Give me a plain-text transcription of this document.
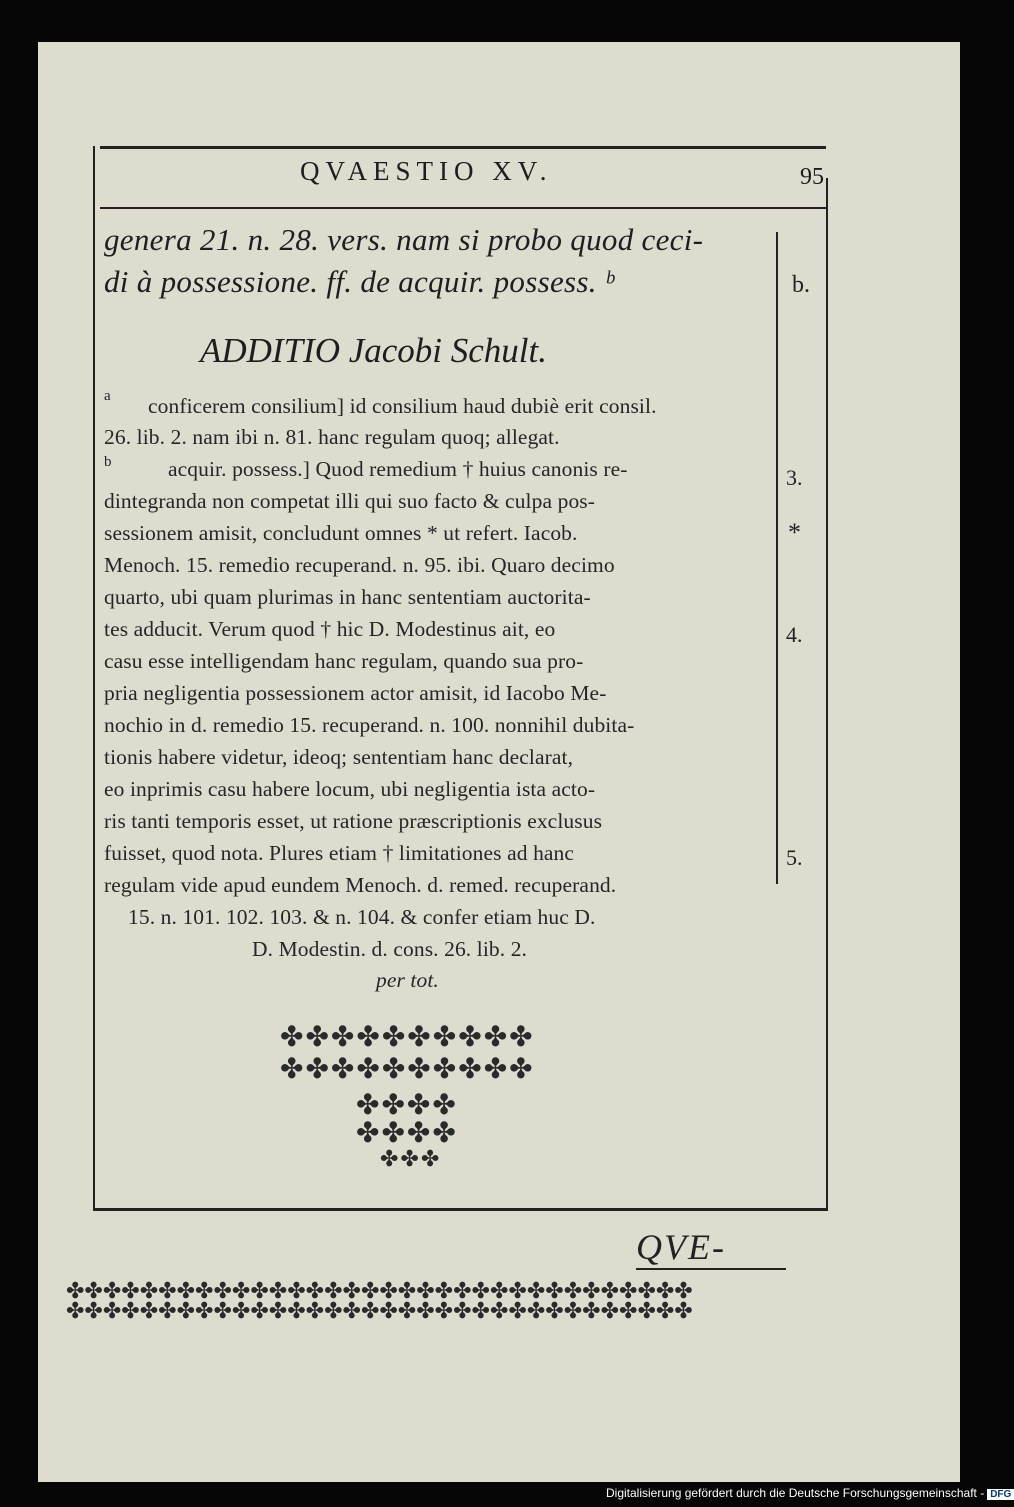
QVAESTIO XV.	95
genera 21. n. 28. vers. nam si probo quod ceci-
di à possessione. ff. de acquir. possess. ᵇ	b.
ADDITIO Jacobi Schult.
a
b
conficerem consilium] id consilium haud dubiè erit consil.
26. lib. 2. nam ibi n. 81. hanc regulam quoq; allegat.
acquir. possess.] Quod remedium † huius canonis re-
dintegranda non competat illi qui suo facto & culpa pos-
sessionem amisit, concludunt omnes * ut refert. Iacob.
Menoch. 15. remedio recuperand. n. 95. ibi. Quaro decimo
quarto, ubi quam plurimas in hanc sententiam auctorita-
tes adducit. Verum quod † hic D. Modestinus ait, eo
casu esse intelligendam hanc regulam, quando sua pro-
pria negligentia possessionem actor amisit, id Iacobo Me-
nochio in d. remedio 15. recuperand. n. 100. nonnihil dubita-
tionis habere videtur, ideoq; sententiam hanc declarat,
eo inprimis casu habere locum, ubi negligentia ista acto-
ris tanti temporis esset, ut ratione præscriptionis exclusus
fuisset, quod nota. Plures etiam † limitationes ad hanc
regulam vide apud eundem Menoch. d. remed. recuperand.
15. n. 101. 102. 103. & n. 104. & confer etiam huc D.
D. Modestin. d. cons. 26. lib. 2.
per tot.
3.
*
4.
5.
✤✤✤✤✤✤✤✤✤✤
✤✤✤✤✤✤✤✤✤✤
✤✤✤✤
✤✤✤✤
✤✤✤
✤✤✤✤✤✤✤✤✤✤✤✤✤✤✤✤✤✤✤✤✤✤✤✤✤✤✤✤✤✤✤✤✤✤
✤✤✤✤✤✤✤✤✤✤✤✤✤✤✤✤✤✤✤✤✤✤✤✤✤✤✤✤✤✤✤✤✤✤
QVE-
Digitalisierung gefördert durch die Deutsche Forschungsgemeinschaft - DFG
